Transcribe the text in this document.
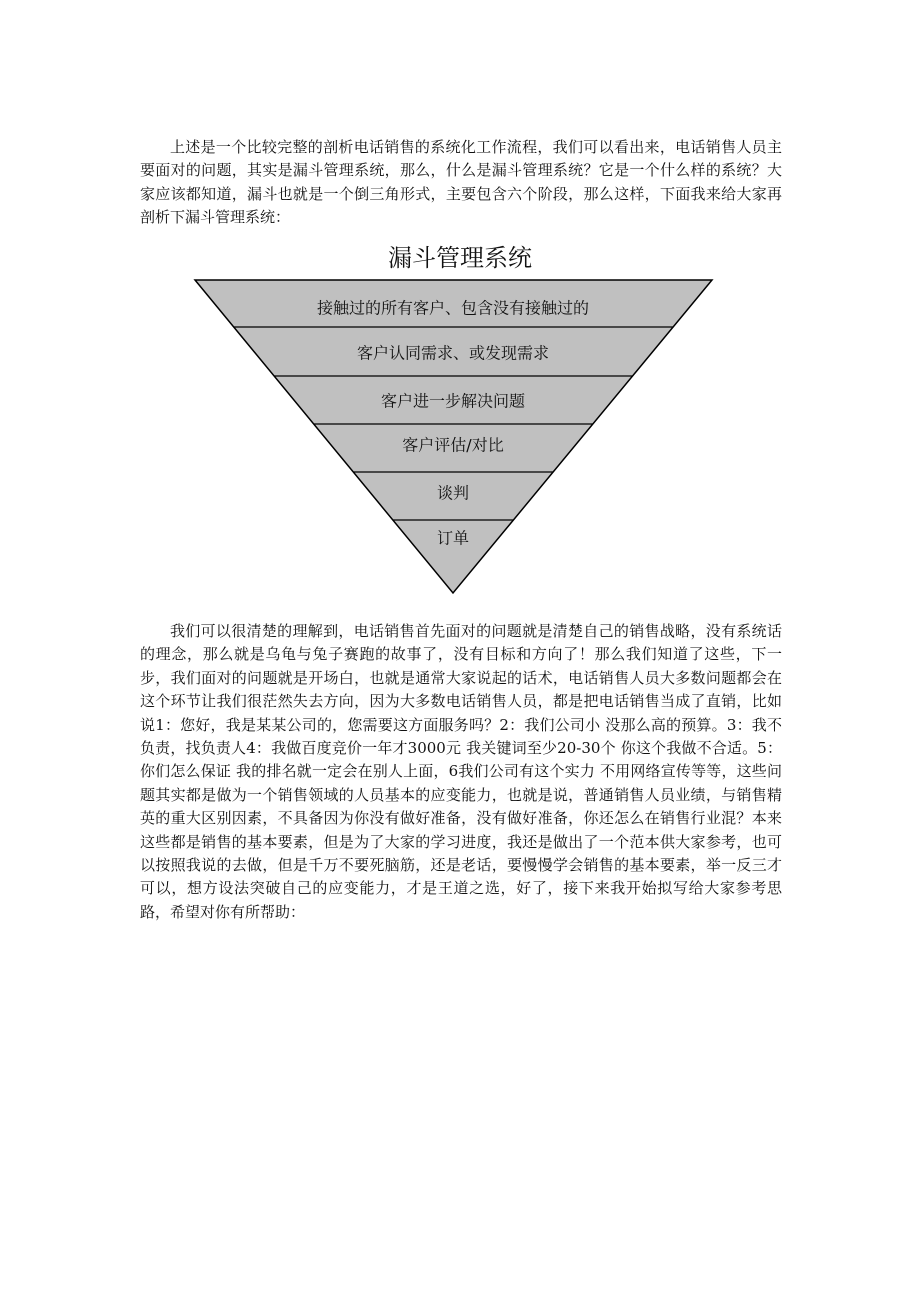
上述是一个比较完整的剖析电话销售的系统化工作流程，我们可以看出来，电话销售人员主要面对的问题，其实是漏斗管理系统，那么，什么是漏斗管理系统？它是一个什么样的系统？大家应该都知道，漏斗也就是一个倒三角形式，主要包含六个阶段，那么这样，下面我来给大家再剖析下漏斗管理系统：

漏斗管理系统
接触过的所有客户、包含没有接触过的
客户认同需求、或发现需求
客户进一步解决问题
客户评估/对比
谈判
订单

我们可以很清楚的理解到，电话销售首先面对的问题就是清楚自己的销售战略，没有系统话的理念，那么就是乌龟与兔子赛跑的故事了，没有目标和方向了！那么我们知道了这些，下一步，我们面对的问题就是开场白，也就是通常大家说起的话术，电话销售人员大多数问题都会在这个环节让我们很茫然失去方向，因为大多数电话销售人员，都是把电话销售当成了直销，比如说1：您好，我是某某公司的，您需要这方面服务吗？2：我们公司小 没那么高的预算。3：我不负责，找负责人4：我做百度竞价一年才3000元 我关键词至少20-30个 你这个我做不合适。5：你们怎么保证 我的排名就一定会在别人上面，6我们公司有这个实力 不用网络宣传等等，这些问题其实都是做为一个销售领域的人员基本的应变能力，也就是说，普通销售人员业绩，与销售精英的重大区别因素，不具备因为你没有做好准备，没有做好准备，你还怎么在销售行业混？本来这些都是销售的基本要素，但是为了大家的学习进度，我还是做出了一个范本供大家参考，也可以按照我说的去做，但是千万不要死脑筋，还是老话，要慢慢学会销售的基本要素，举一反三才可以，想方设法突破自己的应变能力，才是王道之选，好了，接下来我开始拟写给大家参考思路，希望对你有所帮助：
